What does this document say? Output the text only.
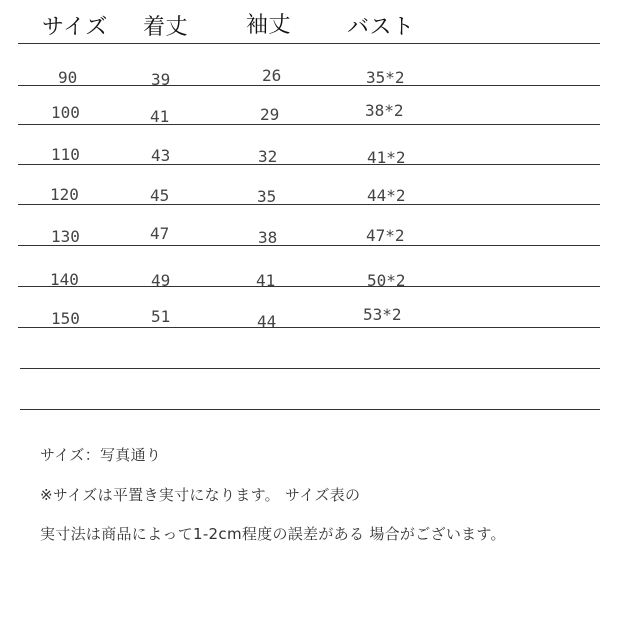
サイズ 着丈	袖丈	バスト
90	39	26	35*2
100	41	29	38*2
110	43	32	41*2
120	45	35	44*2
130	47	38	47*2
140	49	41	50*2
150	51	44	53*2
サイズ：写真通り
※サイズは平置き実寸になります。 サイズ表の
実寸法は商品によって1-2cm程度の誤差がある 場合がございます。
